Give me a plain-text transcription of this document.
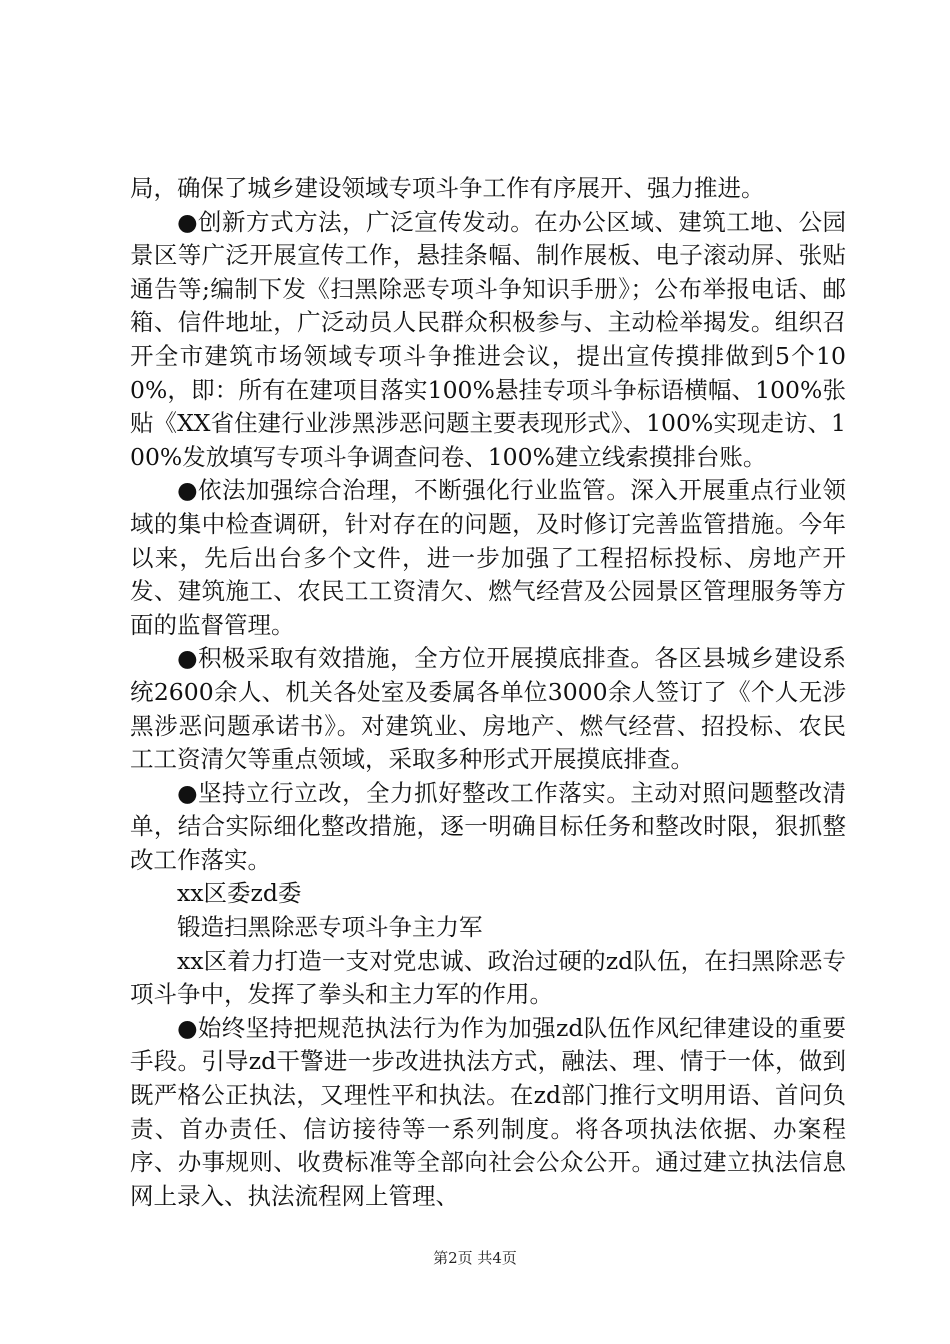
局，确保了城乡建设领域专项斗争工作有序展开、强力推进。

●创新方式方法，广泛宣传发动。在办公区域、建筑工地、公园景区等广泛开展宣传工作，悬挂条幅、制作展板、电子滚动屏、张贴通告等;编制下发《扫黑除恶专项斗争知识手册》；公布举报电话、邮箱、信件地址，广泛动员人民群众积极参与、主动检举揭发。组织召开全市建筑市场领域专项斗争推进会议，提出宣传摸排做到5个100%，即：所有在建项目落实100%悬挂专项斗争标语横幅、100%张贴《XX省住建行业涉黑涉恶问题主要表现形式》、100%实现走访、100%发放填写专项斗争调查问卷、100%建立线索摸排台账。

●依法加强综合治理，不断强化行业监管。深入开展重点行业领域的集中检查调研，针对存在的问题，及时修订完善监管措施。今年以来，先后出台多个文件，进一步加强了工程招标投标、房地产开发、建筑施工、农民工工资清欠、燃气经营及公园景区管理服务等方面的监督管理。

●积极采取有效措施，全方位开展摸底排查。各区县城乡建设系统2600余人、机关各处室及委属各单位3000余人签订了《个人无涉黑涉恶问题承诺书》。对建筑业、房地产、燃气经营、招投标、农民工工资清欠等重点领域，采取多种形式开展摸底排查。

●坚持立行立改，全力抓好整改工作落实。主动对照问题整改清单，结合实际细化整改措施，逐一明确目标任务和整改时限，狠抓整改工作落实。

xx区委zd委

锻造扫黑除恶专项斗争主力军

xx区着力打造一支对党忠诚、政治过硬的zd队伍，在扫黑除恶专项斗争中，发挥了拳头和主力军的作用。

●始终坚持把规范执法行为作为加强zd队伍作风纪律建设的重要手段。引导zd干警进一步改进执法方式，融法、理、情于一体，做到既严格公正执法，又理性平和执法。在zd部门推行文明用语、首问负责、首办责任、信访接待等一系列制度。将各项执法依据、办案程序、办事规则、收费标准等全部向社会公众公开。通过建立执法信息网上录入、执法流程网上管理、

第2页 共4页
